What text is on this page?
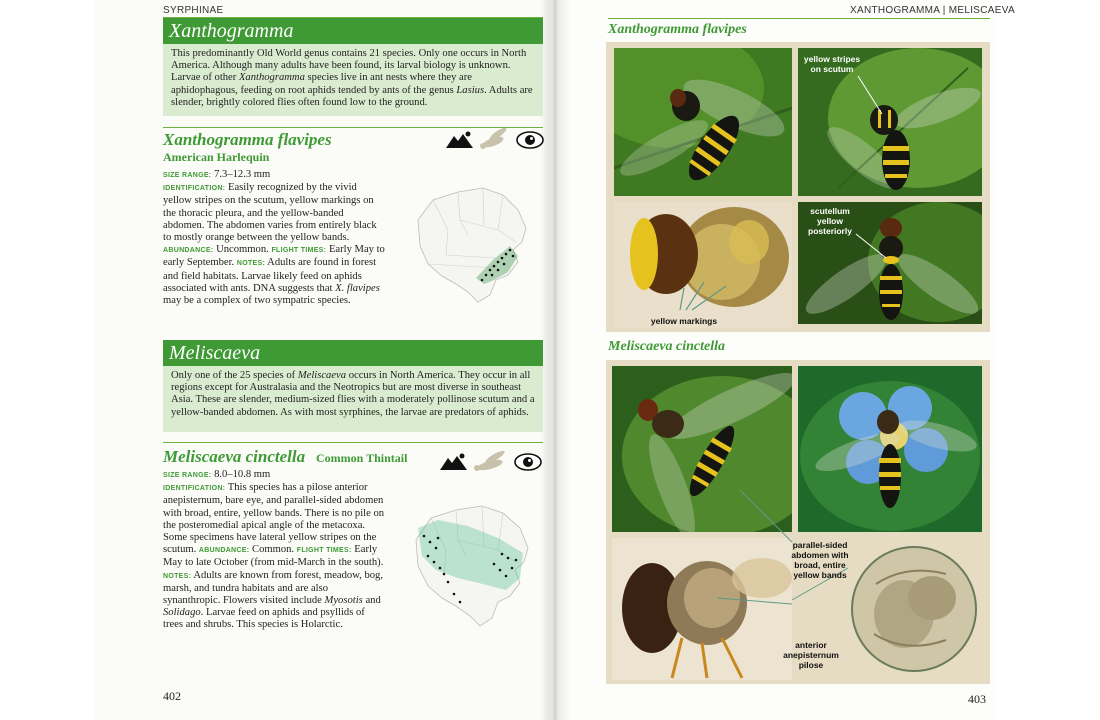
SYRPHINAE
Xanthogramma
This predominantly Old World genus contains 21 species. Only one occurs in North America. Although many adults have been found, its larval biology is unknown. Larvae of other Xanthogramma species live in ant nests where they are aphidophagous, feeding on root aphids tended by ants of the genus Lasius. Adults are slender, brightly colored flies often found low to the ground.
Xanthogramma flavipes
American Harlequin
SIZE RANGE: 7.3–12.3 mm
IDENTIFICATION: Easily recognized by the vivid yellow stripes on the scutum, yellow markings on the thoracic pleura, and the yellow-banded abdomen. The abdomen varies from entirely black to mostly orange between the yellow bands. ABUNDANCE: Uncommon. FLIGHT TIMES: Early May to early September. NOTES: Adults are found in forest and field habitats. Larvae likely feed on aphids associated with ants. DNA suggests that X. flavipes may be a complex of two sympatric species.
Meliscaeva
Only one of the 25 species of Meliscaeva occurs in North America. They occur in all regions except for Australasia and the Neotropics but are most diverse in southeast Asia. These are slender, medium-sized flies with a moderately pollinose scutum and a yellow-banded abdomen. As with most syrphines, the larvae are predators of aphids.
Meliscaeva cinctella Common Thintail
SIZE RANGE: 8.0–10.8 mm
IDENTIFICATION: This species has a pilose anterior anepisternum, bare eye, and parallel-sided abdomen with broad, entire, yellow bands. There is no pile on the posteromedial apical angle of the metacoxa. Some specimens have lateral yellow stripes on the scutum. ABUNDANCE: Common. FLIGHT TIMES: Early May to late October (from mid-March in the south). NOTES: Adults are known from forest, meadow, bog, marsh, and tundra habitats and are also synanthropic. Flowers visited include Myosotis and Solidago. Larvae feed on aphids and psyllids of trees and shrubs. This species is Holarctic.
402
XANTHOGRAMMA | MELISCAEVA
Xanthogramma flavipes
yellow stripes on scutum
yellow markings
scutellum yellow posteriorly
Meliscaeva cinctella
parallel-sided abdomen with broad, entire yellow bands
anterior anepisternum pilose
403
